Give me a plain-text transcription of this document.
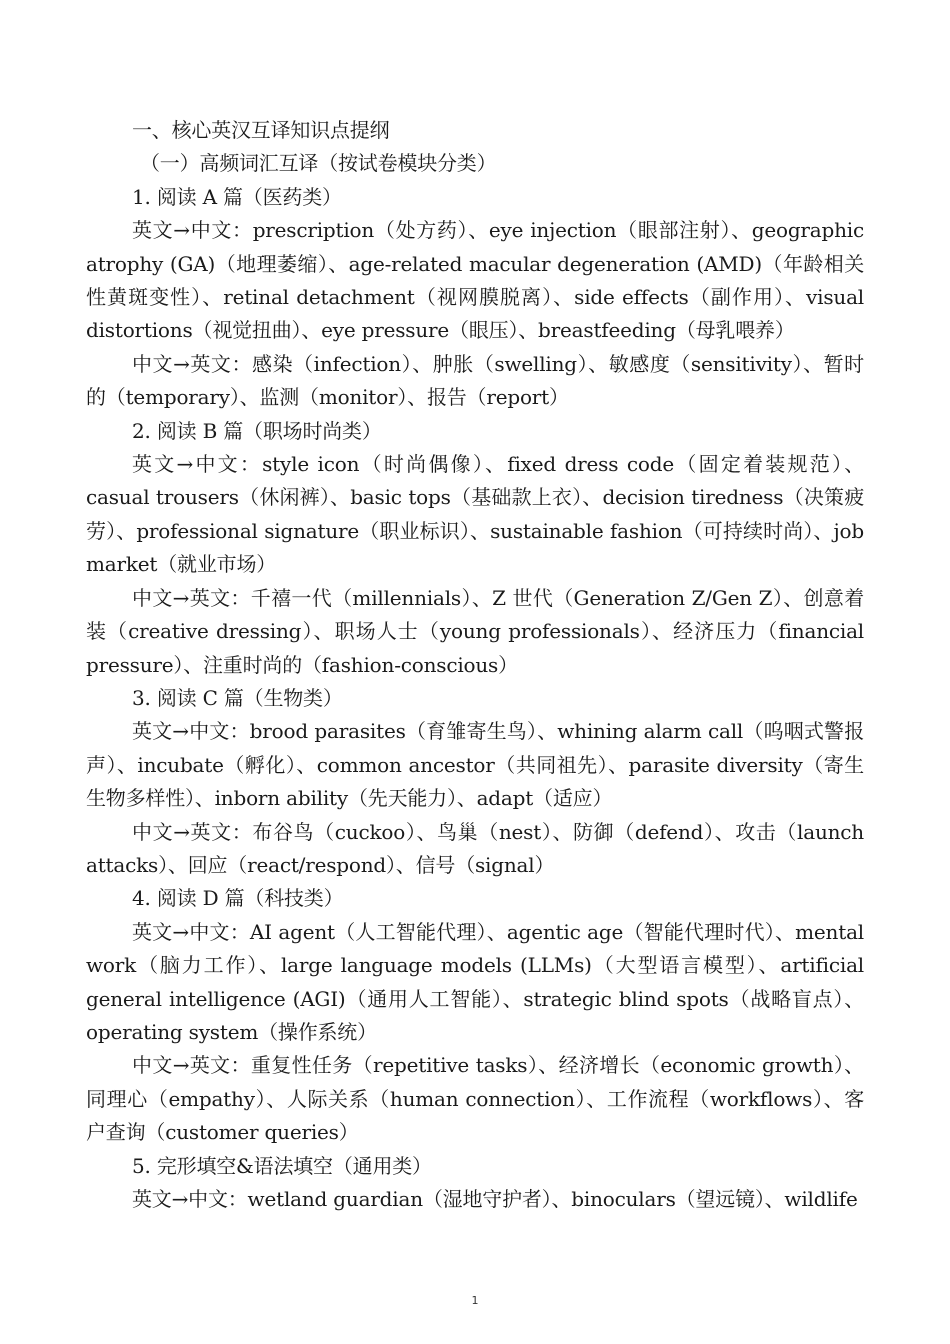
一、核心英汉互译知识点提纲

（一）高频词汇互译（按试卷模块分类）

1. 阅读 A 篇（医药类）

英文→中文：prescription（处方药）、eye injection（眼部注射）、geographic atrophy (GA)（地理萎缩）、age-related macular degeneration (AMD)（年龄相关性黄斑变性）、retinal detachment（视网膜脱离）、side effects（副作用）、visual distortions（视觉扭曲）、eye pressure（眼压）、breastfeeding（母乳喂养）

中文→英文：感染（infection）、肿胀（swelling）、敏感度（sensitivity）、暂时的（temporary）、监测（monitor）、报告（report）

2. 阅读 B 篇（职场时尚类）

英文→中文：style icon（时尚偶像）、fixed dress code（固定着装规范）、casual trousers（休闲裤）、basic tops（基础款上衣）、decision tiredness（决策疲劳）、professional signature（职业标识）、sustainable fashion（可持续时尚）、job market（就业市场）

中文→英文：千禧一代（millennials）、Z 世代（Generation Z/Gen Z）、创意着装（creative dressing）、职场人士（young professionals）、经济压力（financial pressure）、注重时尚的（fashion-conscious）

3. 阅读 C 篇（生物类）

英文→中文：brood parasites（育雏寄生鸟）、whining alarm call（呜咽式警报声）、incubate（孵化）、common ancestor（共同祖先）、parasite diversity（寄生生物多样性）、inborn ability（先天能力）、adapt（适应）

中文→英文：布谷鸟（cuckoo）、鸟巢（nest）、防御（defend）、攻击（launch attacks）、回应（react/respond）、信号（signal）

4. 阅读 D 篇（科技类）

英文→中文：AI agent（人工智能代理）、agentic age（智能代理时代）、mental work（脑力工作）、large language models (LLMs)（大型语言模型）、artificial general intelligence (AGI)（通用人工智能）、strategic blind spots（战略盲点）、operating system（操作系统）

中文→英文：重复性任务（repetitive tasks）、经济增长（economic growth）、同理心（empathy）、人际关系（human connection）、工作流程（workflows）、客户查询（customer queries）

5. 完形填空&语法填空（通用类）

英文→中文：wetland guardian（湿地守护者）、binoculars（望远镜）、wildlife

1
